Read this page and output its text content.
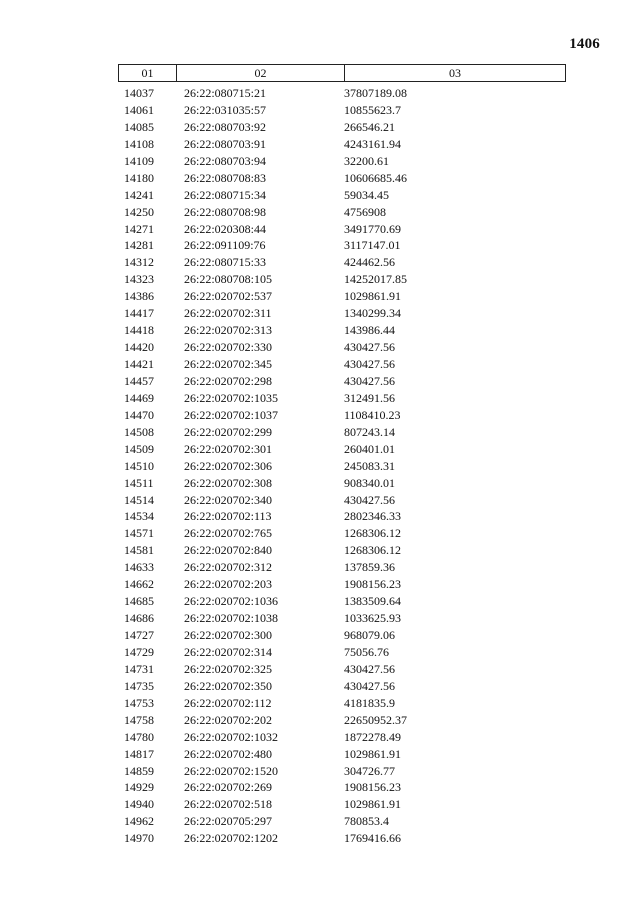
1406
01	02	03
14037	26:22:080715:21	37807189.08
14061	26:22:031035:57	10855623.7
14085	26:22:080703:92	266546.21
14108	26:22:080703:91	4243161.94
14109	26:22:080703:94	32200.61
14180	26:22:080708:83	10606685.46
14241	26:22:080715:34	59034.45
14250	26:22:080708:98	4756908
14271	26:22:020308:44	3491770.69
14281	26:22:091109:76	3117147.01
14312	26:22:080715:33	424462.56
14323	26:22:080708:105	14252017.85
14386	26:22:020702:537	1029861.91
14417	26:22:020702:311	1340299.34
14418	26:22:020702:313	143986.44
14420	26:22:020702:330	430427.56
14421	26:22:020702:345	430427.56
14457	26:22:020702:298	430427.56
14469	26:22:020702:1035	312491.56
14470	26:22:020702:1037	1108410.23
14508	26:22:020702:299	807243.14
14509	26:22:020702:301	260401.01
14510	26:22:020702:306	245083.31
14511	26:22:020702:308	908340.01
14514	26:22:020702:340	430427.56
14534	26:22:020702:113	2802346.33
14571	26:22:020702:765	1268306.12
14581	26:22:020702:840	1268306.12
14633	26:22:020702:312	137859.36
14662	26:22:020702:203	1908156.23
14685	26:22:020702:1036	1383509.64
14686	26:22:020702:1038	1033625.93
14727	26:22:020702:300	968079.06
14729	26:22:020702:314	75056.76
14731	26:22:020702:325	430427.56
14735	26:22:020702:350	430427.56
14753	26:22:020702:112	4181835.9
14758	26:22:020702:202	22650952.37
14780	26:22:020702:1032	1872278.49
14817	26:22:020702:480	1029861.91
14859	26:22:020702:1520	304726.77
14929	26:22:020702:269	1908156.23
14940	26:22:020702:518	1029861.91
14962	26:22:020705:297	780853.4
14970	26:22:020702:1202	1769416.66
